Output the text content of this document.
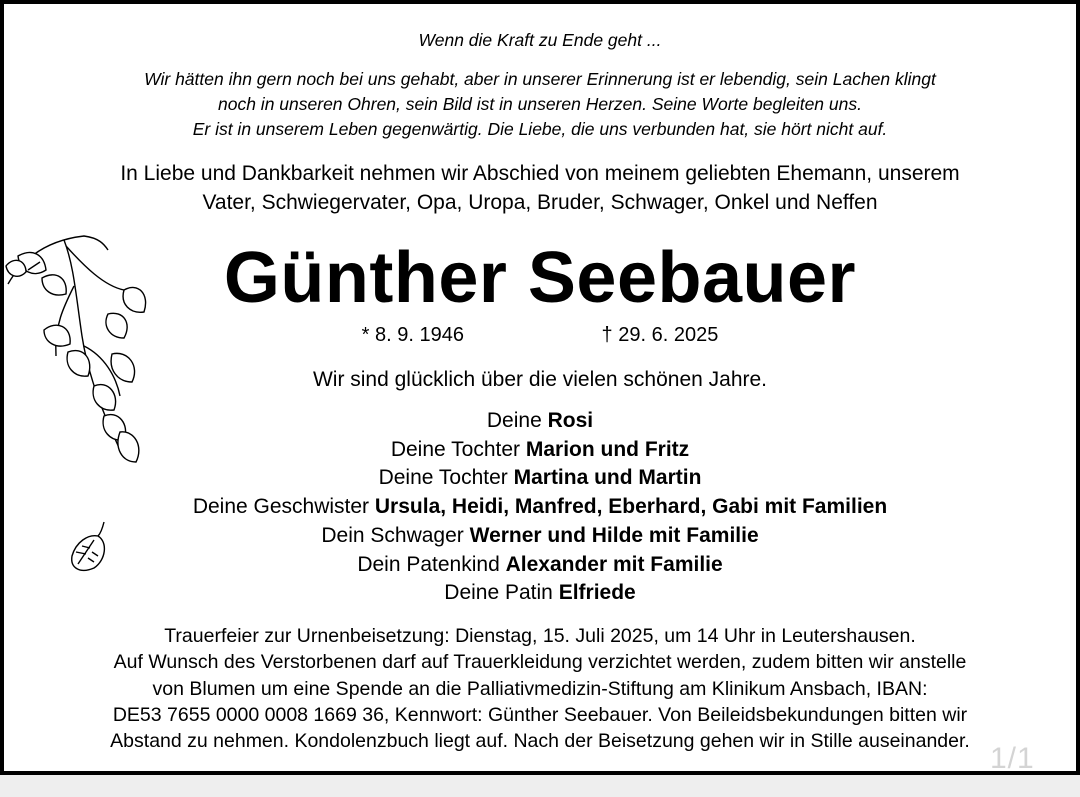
Wenn die Kraft zu Ende geht ...
Wir hätten ihn gern noch bei uns gehabt, aber in unserer Erinnerung ist er lebendig, sein Lachen klingt
noch in unseren Ohren, sein Bild ist in unseren Herzen. Seine Worte begleiten uns.
Er ist in unserem Leben gegenwärtig. Die Liebe, die uns verbunden hat, sie hört nicht auf.
In Liebe und Dankbarkeit nehmen wir Abschied von meinem geliebten Ehemann, unserem
Vater, Schwiegervater, Opa, Uropa, Bruder, Schwager, Onkel und Neffen
Günther Seebauer
* 8. 9. 1946	† 29. 6. 2025
Wir sind glücklich über die vielen schönen Jahre.
Deine Rosi
Deine Tochter Marion und Fritz
Deine Tochter Martina und Martin
Deine Geschwister Ursula, Heidi, Manfred, Eberhard, Gabi mit Familien
Dein Schwager Werner und Hilde mit Familie
Dein Patenkind Alexander mit Familie
Deine Patin Elfriede
Trauerfeier zur Urnenbeisetzung: Dienstag, 15. Juli 2025, um 14 Uhr in Leutershausen.
Auf Wunsch des Verstorbenen darf auf Trauerkleidung verzichtet werden, zudem bitten wir anstelle
von Blumen um eine Spende an die Palliativmedizin-Stiftung am Klinikum Ansbach, IBAN:
DE53 7655 0000 0008 1669 36, Kennwort: Günther Seebauer. Von Beileidsbekundungen bitten wir
Abstand zu nehmen. Kondolenzbuch liegt auf. Nach der Beisetzung gehen wir in Stille auseinander.
1/1
